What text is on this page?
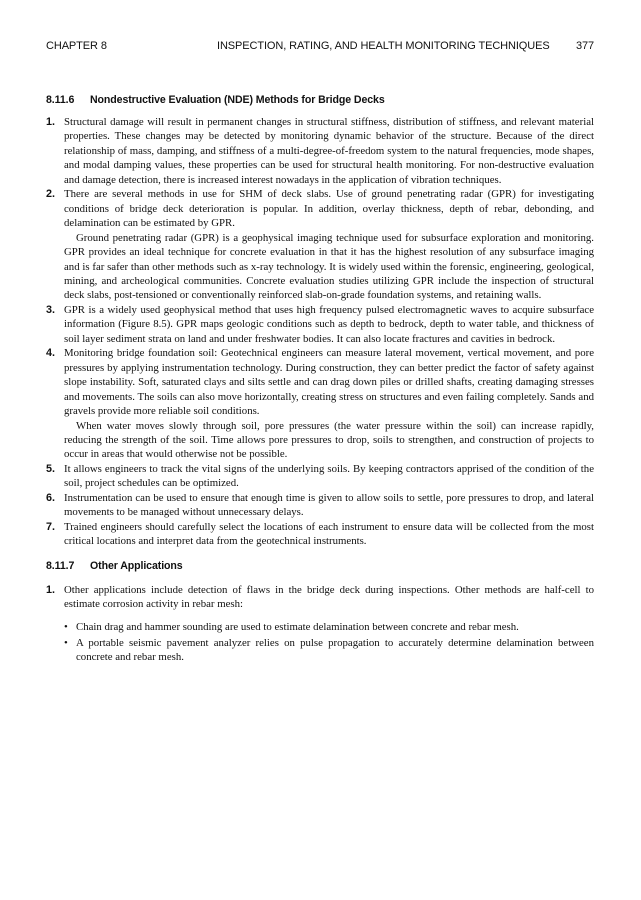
CHAPTER 8	INSPECTION, RATING, AND HEALTH MONITORING TECHNIQUES 377
8.11.6 Nondestructive Evaluation (NDE) Methods for Bridge Decks
1. Structural damage will result in permanent changes in structural stiffness, distribution of stiffness, and relevant material properties. These changes may be detected by monitoring dynamic behavior of the structure. Because of the direct relationship of mass, damping, and stiffness of a multi-degree-of-freedom system to the natural frequencies, mode shapes, and modal damping values, these properties can be used for structural health monitoring. For non-destructive evaluation and damage detection, there is increased interest nowadays in the application of vibration techniques.

2. There are several methods in use for SHM of deck slabs. Use of ground penetrating radar (GPR) for investigating conditions of bridge deck deterioration is popular. In addition, overlay thickness, depth of rebar, debonding, and delamination can be estimated by GPR.

Ground penetrating radar (GPR) is a geophysical imaging technique used for subsurface exploration and monitoring. GPR provides an ideal technique for concrete evaluation in that it has the highest resolution of any subsurface imaging and is far safer than other methods such as x-ray technology. It is widely used within the forensic, engineering, geological, mining, and archeological communities. Concrete evaluation studies utilizing GPR include the inspection of structural deck slabs, post-tensioned or conventionally reinforced slab-on-grade foundation systems, and retaining walls.

3. GPR is a widely used geophysical method that uses high frequency pulsed electromagnetic waves to acquire subsurface information (Figure 8.5). GPR maps geologic conditions such as depth to bedrock, depth to water table, and thickness of soil layer sediment strata on land and under freshwater bodies. It can also locate fractures and cavities in bedrock.

4. Monitoring bridge foundation soil: Geotechnical engineers can measure lateral movement, vertical movement, and pore pressures by applying instrumentation technology. During construction, they can better predict the factor of safety against slope instability. Soft, saturated clays and silts settle and can drag down piles or drilled shafts, creating damaging stresses and movements. The soils can also move horizontally, creating stress on structures and even failing completely. Sands and gravels provide more reliable soil conditions.

When water moves slowly through soil, pore pressures (the water pressure within the soil) can increase rapidly, reducing the strength of the soil. Time allows pore pressures to drop, soils to strengthen, and construction of projects to occur in areas that would otherwise not be possible.

5. It allows engineers to track the vital signs of the underlying soils. By keeping contractors apprised of the condition of the soil, project schedules can be optimized.

6. Instrumentation can be used to ensure that enough time is given to allow soils to settle, pore pressures to drop, and lateral movements to be managed without unnecessary delays.

7. Trained engineers should carefully select the locations of each instrument to ensure data will be collected from the most critical locations and interpret data from the geotechnical instruments.

8.11.7 Other Applications
1. Other applications include detection of flaws in the bridge deck during inspections. Other methods are half-cell to estimate corrosion activity in rebar mesh:

• Chain drag and hammer sounding are used to estimate delamination between concrete and rebar mesh.
• A portable seismic pavement analyzer relies on pulse propagation to accurately determine delamination between concrete and rebar mesh.
